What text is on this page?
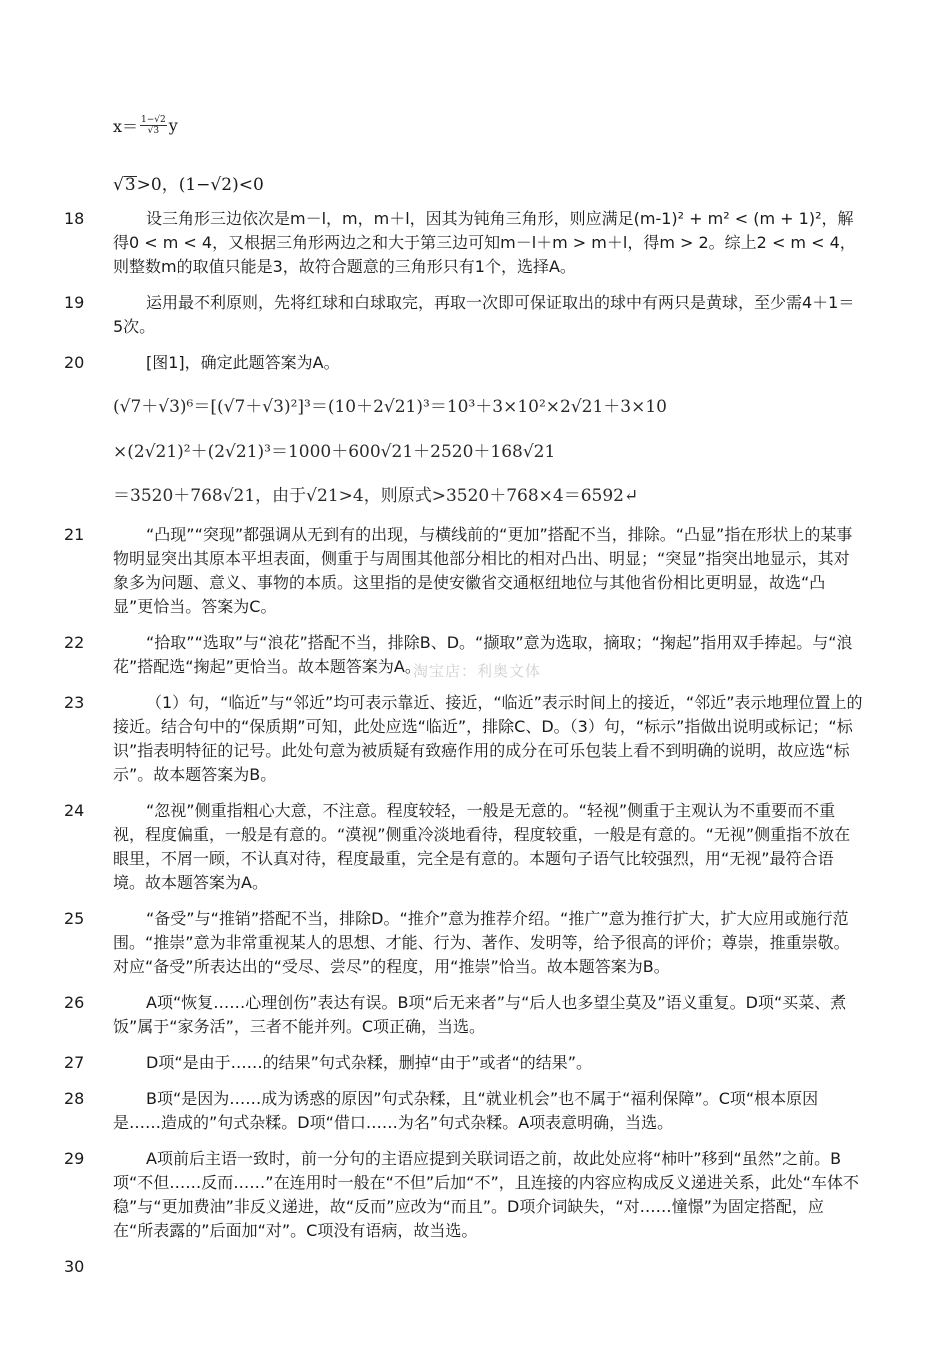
$x= \frac{1-√2}{√3}$ y
√3>0，(1−√2)<0
18	设三角形三边依次是m－l，m，m＋l，因其为钝角三角形，则应满足(m-1)² + m² < (m + 1)²，解得0 < m < 4，又根据三角形两边之和大于第三边可知m－l＋m > m＋l，得m > 2。综上2 < m < 4，则整数m的取值只能是3，故符合题意的三角形只有1个，选择A。
19	运用最不利原则，先将红球和白球取完，再取一次即可保证取出的球中有两只是黄球，至少需4＋1＝5次。
20	[图1]，确定此题答案为A。
(√7＋√3)⁶＝[(√7＋√3)²]³＝(10＋2√21)³＝10³＋3×10²×2√21＋3×10
×(2√21)²＋(2√21)³＝1000＋600√21＋2520＋168√21
＝3520＋768√21，由于√21>4，则原式>3520＋768×4＝6592↵
21	“凸现”“突现”都强调从无到有的出现，与横线前的“更加”搭配不当，排除。“凸显”指在形状上的某事物明显突出其原本平坦表面，侧重于与周围其他部分相比的相对凸出、明显；“突显”指突出地显示，其对象多为问题、意义、事物的本质。这里指的是使安徽省交通枢纽地位与其他省份相比更明显，故选“凸显”更恰当。答案为C。
22	“拾取”“选取”与“浪花”搭配不当，排除B、D。“撷取”意为选取，摘取；“掬起”指用双手捧起。与“浪花”搭配选“掬起”更恰当。故本题答案为A。
淘宝店：利奥文体
23	（1）句，“临近”与“邻近”均可表示靠近、接近，“临近”表示时间上的接近，“邻近”表示地理位置上的接近。结合句中的“保质期”可知，此处应选“临近”，排除C、D。（3）句，“标示”指做出说明或标记；“标识”指表明特征的记号。此处句意为被质疑有致癌作用的成分在可乐包装上看不到明确的说明，故应选“标示”。故本题答案为B。
24	“忽视”侧重指粗心大意，不注意。程度较轻，一般是无意的。“轻视”侧重于主观认为不重要而不重视，程度偏重，一般是有意的。“漠视”侧重冷淡地看待，程度较重，一般是有意的。“无视”侧重指不放在眼里，不屑一顾，不认真对待，程度最重，完全是有意的。本题句子语气比较强烈，用“无视”最符合语境。故本题答案为A。
25	“备受”与“推销”搭配不当，排除D。“推介”意为推荐介绍。“推广”意为推行扩大，扩大应用或施行范围。“推崇”意为非常重视某人的思想、才能、行为、著作、发明等，给予很高的评价；尊崇，推重崇敬。对应“备受”所表达出的“受尽、尝尽”的程度，用“推崇”恰当。故本题答案为B。
26	A项“恢复……心理创伤”表达有误。B项“后无来者”与“后人也多望尘莫及”语义重复。D项“买菜、煮饭”属于“家务活”，三者不能并列。C项正确，当选。
27	D项“是由于……的结果”句式杂糅，删掉“由于”或者“的结果”。
28	B项“是因为……成为诱惑的原因”句式杂糅，且“就业机会”也不属于“福利保障”。C项“根本原因是……造成的”句式杂糅。D项“借口……为名”句式杂糅。A项表意明确，当选。
29	A项前后主语一致时，前一分句的主语应提到关联词语之前，故此处应将“柿叶”移到“虽然”之前。B项“不但……反而……”在连用时一般在“不但”后加“不”，且连接的内容应构成反义递进关系，此处“车体不稳”与“更加费油”非反义递进，故“反而”应改为“而且”。D项介词缺失，“对……憧憬”为固定搭配，应在“所表露的”后面加“对”。C项没有语病，故当选。
30
